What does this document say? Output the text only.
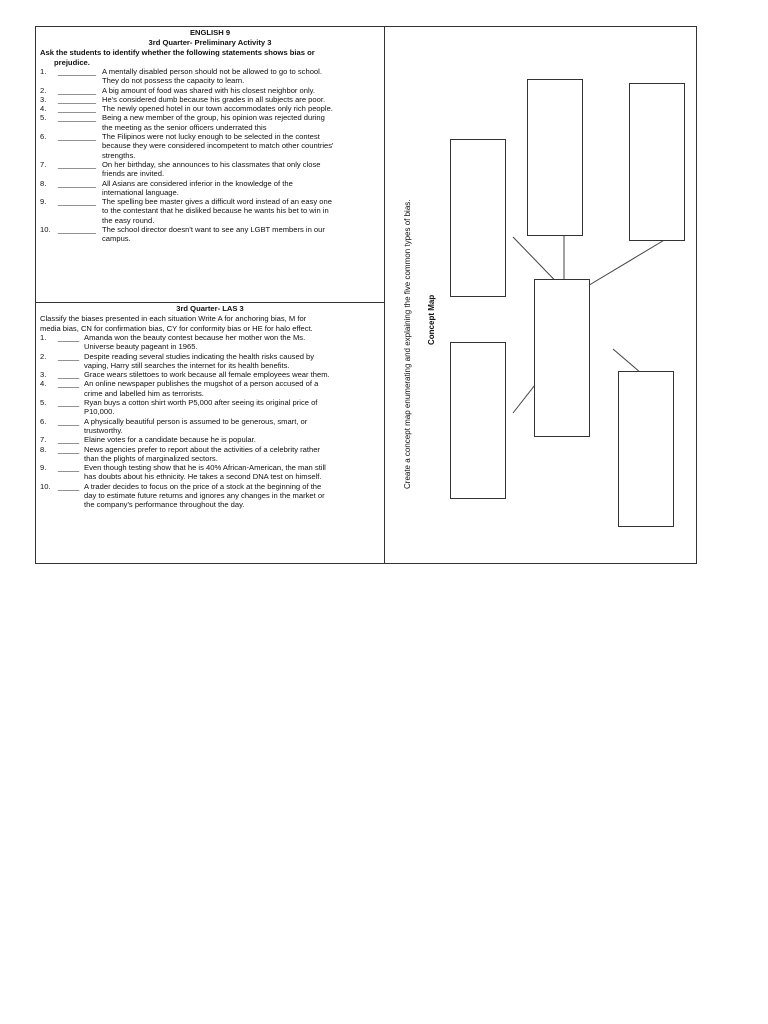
ENGLISH 9
3rd Quarter- Preliminary Activity 3
Ask the students to identify whether the following statements shows bias or
prejudice.
1. _________ A mentally disabled person should not be allowed to go to school.
They do not possess the capacity to learn.
2. _________ A big amount of food was shared with his closest neighbor only.
3. _________ He's considered dumb because his grades in all subjects are poor.
4. _________ The newly opened hotel in our town accommodates only rich people.
5. _________ Being a new member of the group, his opinion was rejected during
the meeting as the senior officers underrated this
6. _________ The Filipinos were not lucky enough to be selected in the contest
because they were considered incompetent to match other countries'
strengths.
7. _________ On her birthday, she announces to his classmates that only close
friends are invited.
8. _________ All Asians are considered inferior in the knowledge of the
international language.
9. _________ The spelling bee master gives a difficult word instead of an easy one
to the contestant that he disliked because he wants his bet to win in
the easy round.
10. _________ The school director doesn't want to see any LGBT members in our
campus.
3rd Quarter- LAS 3
Classify the biases presented in each situation Write A for anchoring bias, M for
media bias, CN for confirmation bias, CY for conformity bias or HE for halo effect.
1. _____ Amanda won the beauty contest because her mother won the Ms.
Universe beauty pageant in 1965.
2. _____ Despite reading several studies indicating the health risks caused by
vaping, Harry still searches the internet for its health benefits.
3. _____ Grace wears stilettoes to work because all female employees wear them.
4. _____ An online newspaper publishes the mugshot of a person accused of a
crime and labelled him as terrorists.
5. _____ Ryan buys a cotton shirt worth P5,000 after seeing its original price of
P10,000.
6. _____ A physically beautiful person is assumed to be generous, smart, or
trustworthy.
7. _____ Elaine votes for a candidate because he is popular.
8. _____ News agencies prefer to report about the activities of a celebrity rather
than the plights of marginalized sectors.
9. _____ Even though testing show that he is 40% African-American, the man still
has doubts about his ethnicity. He takes a second DNA test on himself.
10. _____ A trader decides to focus on the price of a stock at the beginning of the
day to estimate future returns and ignores any changes in the market or
the company's performance throughout the day.
Create a concept map enumerating and explaining the five common types of bias. Concept Map
